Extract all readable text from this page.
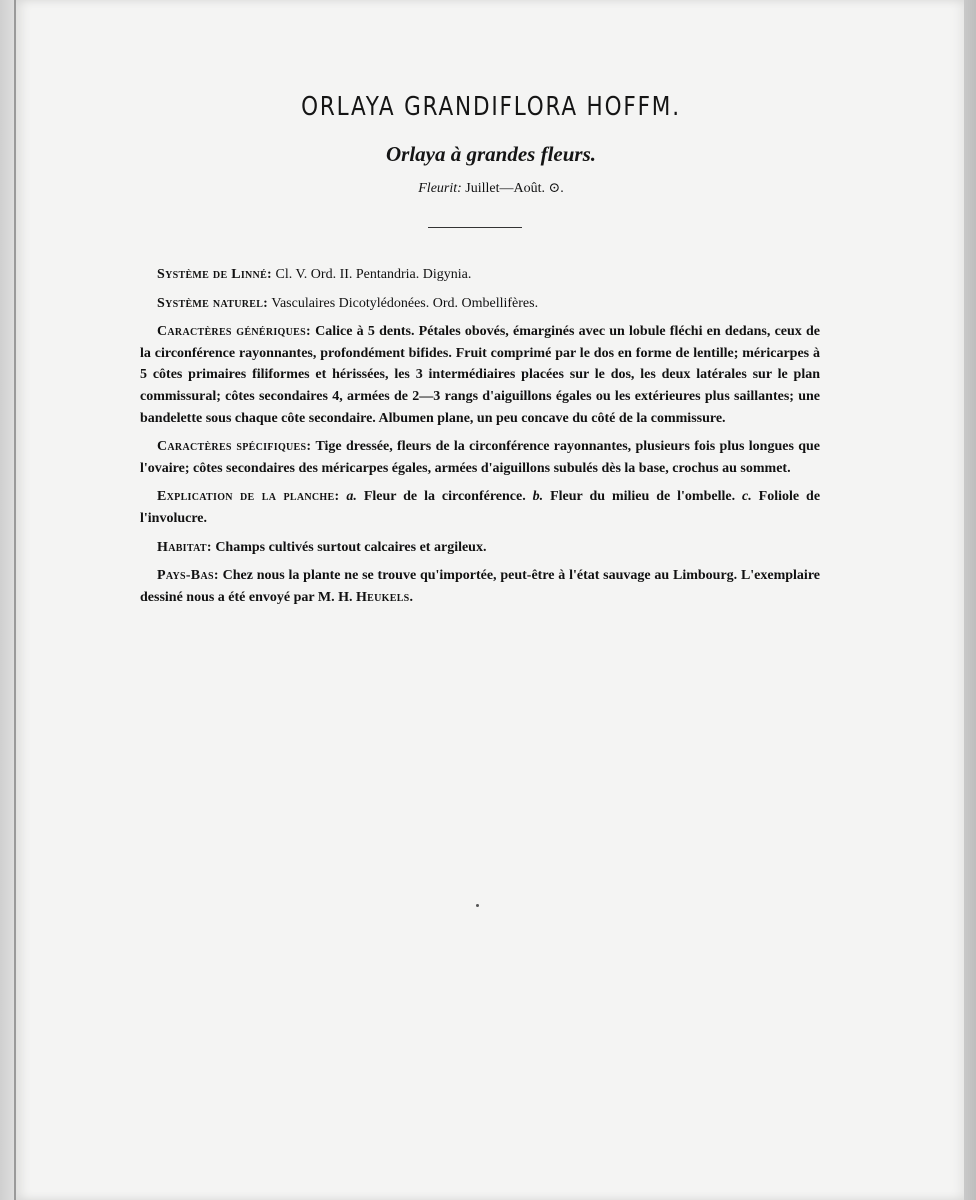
ORLAYA GRANDIFLORA HOFFM.
Orlaya à grandes fleurs.
Fleurit: Juillet—Août. ⊙.

Système de Linné: Cl. V. Ord. II. Pentandria. Digynia.

Système naturel: Vasculaires Dicotylédonées. Ord. Ombellifères.

Caractères génériques: Calice à 5 dents. Pétales obovés, émarginés avec un lobule fléchi en dedans, ceux de la circonférence rayonnantes, profondément bifides. Fruit comprimé par le dos en forme de lentille; méricarpes à 5 côtes primaires filiformes et hérissées, les 3 intermédiaires placées sur le dos, les deux latérales sur le plan commissural; côtes secondaires 4, armées de 2—3 rangs d'aiguillons égales ou les extérieures plus saillantes; une bandelette sous chaque côte secondaire. Albumen plane, un peu concave du côté de la commissure.

Caractères spécifiques: Tige dressée, fleurs de la circonférence rayonnantes, plusieurs fois plus longues que l'ovaire; côtes secondaires des méricarpes égales, armées d'aiguillons subulés dès la base, crochus au sommet.

Explication de la planche: a. Fleur de la circonférence. b. Fleur du milieu de l'ombelle. c. Foliole de l'involucre.

Habitat: Champs cultivés surtout calcaires et argileux.

Pays-Bas: Chez nous la plante ne se trouve qu'importée, peut-être à l'état sauvage au Limbourg. L'exemplaire dessiné nous a été envoyé par M. H. Heukels.
